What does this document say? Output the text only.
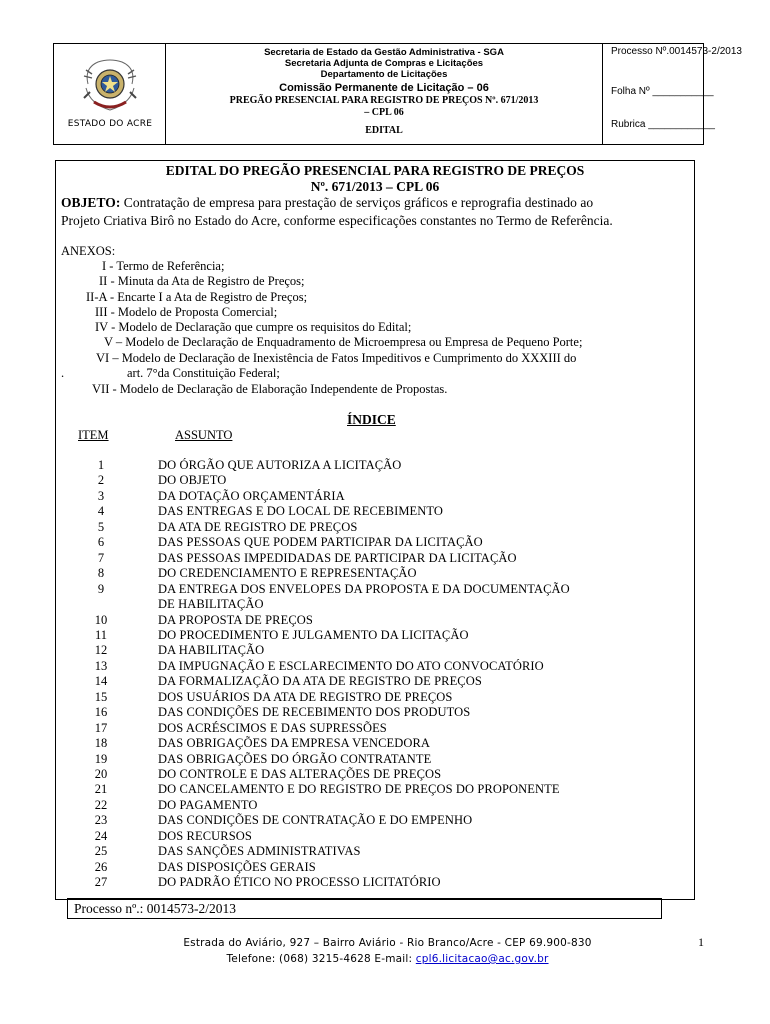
ESTADO DO ACRE
Secretaria de Estado da Gestão Administrativa - SGA
Secretaria Adjunta de Compras e Licitações
Departamento de Licitações
Comissão Permanente de Licitação – 06
PREGÃO PRESENCIAL PARA REGISTRO DE PREÇOS Nº. 671/2013
– CPL 06
EDITAL
Processo Nº.0014573-2/2013
Folha Nº ___________
Rubrica ____________
EDITAL DO PREGÃO PRESENCIAL PARA REGISTRO DE PREÇOS
Nº. 671/2013 – CPL 06
OBJETO: Contratação de empresa para prestação de serviços gráficos e reprografia destinado ao
Projeto Criativa Birô no Estado do Acre, conforme especificações constantes no Termo de Referência.
ANEXOS:
I - Termo de Referência;
II - Minuta da Ata de Registro de Preços;
II-A - Encarte I a Ata de Registro de Preços;
III - Modelo de Proposta Comercial;
IV - Modelo de Declaração que cumpre os requisitos do Edital;
V – Modelo de Declaração de Enquadramento de Microempresa ou Empresa de Pequeno Porte;
VI – Modelo de Declaração de Inexistência de Fatos Impeditivos e Cumprimento do XXXIII do
.	art. 7°da Constituição Federal;
VII - Modelo de Declaração de Elaboração Independente de Propostas.
ÍNDICE
ITEM	ASSUNTO
1	DO ÓRGÃO QUE AUTORIZA A LICITAÇÃO
2	DO OBJETO
3	DA DOTAÇÃO ORÇAMENTÁRIA
4	DAS ENTREGAS E DO LOCAL DE RECEBIMENTO
5	DA ATA DE REGISTRO DE PREÇOS
6	DAS PESSOAS QUE PODEM PARTICIPAR DA LICITAÇÃO
7	DAS PESSOAS IMPEDIDADAS DE PARTICIPAR DA LICITAÇÃO
8	DO CREDENCIAMENTO E REPRESENTAÇÃO
9	DA ENTREGA DOS ENVELOPES DA PROPOSTA E DA DOCUMENTAÇÃO
DE HABILITAÇÃO
10	DA PROPOSTA DE PREÇOS
11	DO PROCEDIMENTO E JULGAMENTO DA LICITAÇÃO
12	DA HABILITAÇÃO
13	DA IMPUGNAÇÃO E ESCLARECIMENTO DO ATO CONVOCATÓRIO
14	DA FORMALIZAÇÃO DA ATA DE REGISTRO DE PREÇOS
15	DOS USUÁRIOS DA ATA DE REGISTRO DE PREÇOS
16	DAS CONDIÇÕES DE RECEBIMENTO DOS PRODUTOS
17	DOS ACRÉSCIMOS E DAS SUPRESSÕES
18	DAS OBRIGAÇÕES DA EMPRESA VENCEDORA
19	DAS OBRIGAÇÕES DO ÓRGÃO CONTRATANTE
20	DO CONTROLE E DAS ALTERAÇÕES DE PREÇOS
21	DO CANCELAMENTO E DO REGISTRO DE PREÇOS DO PROPONENTE
22	DO PAGAMENTO
23	DAS CONDIÇÕES DE CONTRATAÇÃO E DO EMPENHO
24	DOS RECURSOS
25	DAS SANÇÕES ADMINISTRATIVAS
26	DAS DISPOSIÇÕES GERAIS
27	DO PADRÃO ÉTICO NO PROCESSO LICITATÓRIO
Processo nº.: 0014573-2/2013
Estrada do Aviário, 927 – Bairro Aviário - Rio Branco/Acre - CEP 69.900-830
Telefone: (068) 3215-4628 E-mail: cpl6.licitacao@ac.gov.br
1
